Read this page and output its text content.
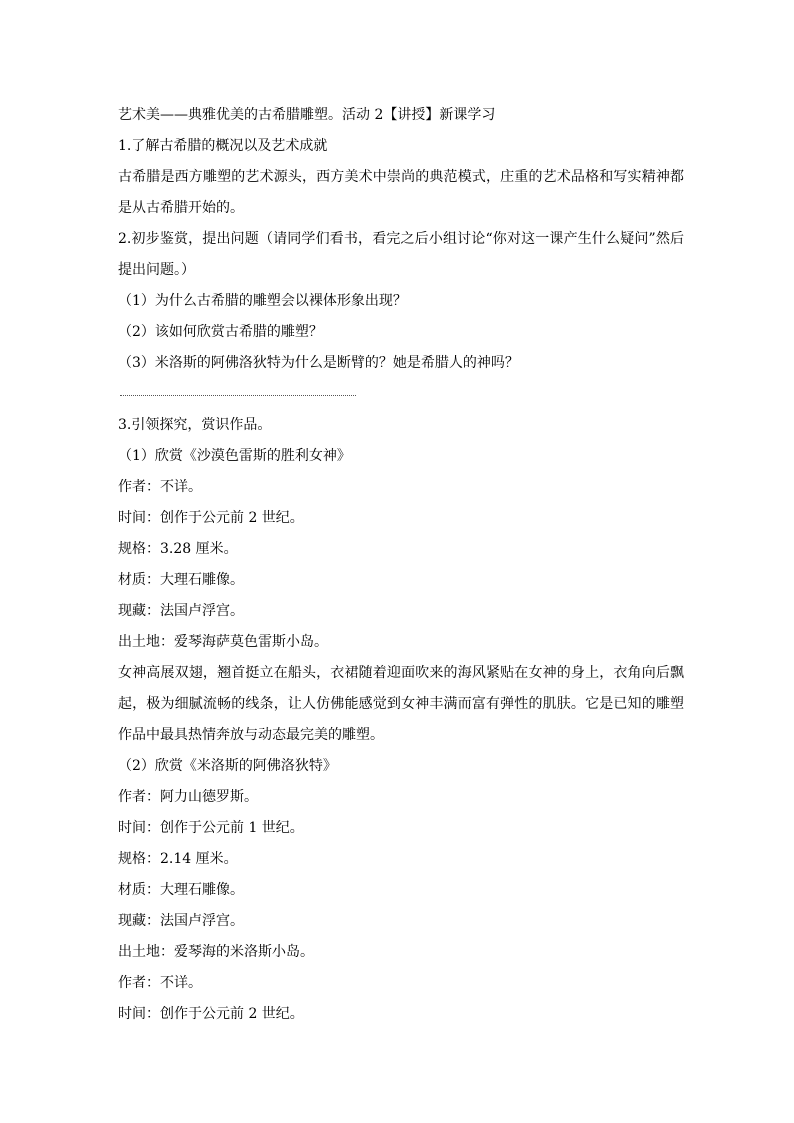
艺术美——典雅优美的古希腊雕塑。活动 2【讲授】新课学习
1.了解古希腊的概况以及艺术成就

古希腊是西方雕塑的艺术源头，西方美术中崇尚的典范模式，庄重的艺术品格和写实精神都是从古希腊开始的。

2.初步鉴赏，提出问题（请同学们看书，看完之后小组讨论“你对这一课产生什么疑问”然后提出问题。）

（1）为什么古希腊的雕塑会以裸体形象出现？
（2）该如何欣赏古希腊的雕塑？
（3）米洛斯的阿佛洛狄特为什么是断臂的？她是希腊人的神吗？
3.引领探究，赏识作品。
（1）欣赏《沙漠色雷斯的胜利女神》
作者：不详。
时间：创作于公元前 2 世纪。
规格：3.28 厘米。
材质：大理石雕像。
现藏：法国卢浮宫。
出土地：爱琴海萨莫色雷斯小岛。

女神高展双翅，翘首挺立在船头，衣裙随着迎面吹来的海风紧贴在女神的身上，衣角向后飘起，极为细腻流畅的线条，让人仿佛能感觉到女神丰满而富有弹性的肌肤。它是已知的雕塑作品中最具热情奔放与动态最完美的雕塑。

（2）欣赏《米洛斯的阿佛洛狄特》
作者：阿力山德罗斯。
时间：创作于公元前 1 世纪。
规格：2.14 厘米。
材质：大理石雕像。
现藏：法国卢浮宫。
出土地：爱琴海的米洛斯小岛。
作者：不详。
时间：创作于公元前 2 世纪。
